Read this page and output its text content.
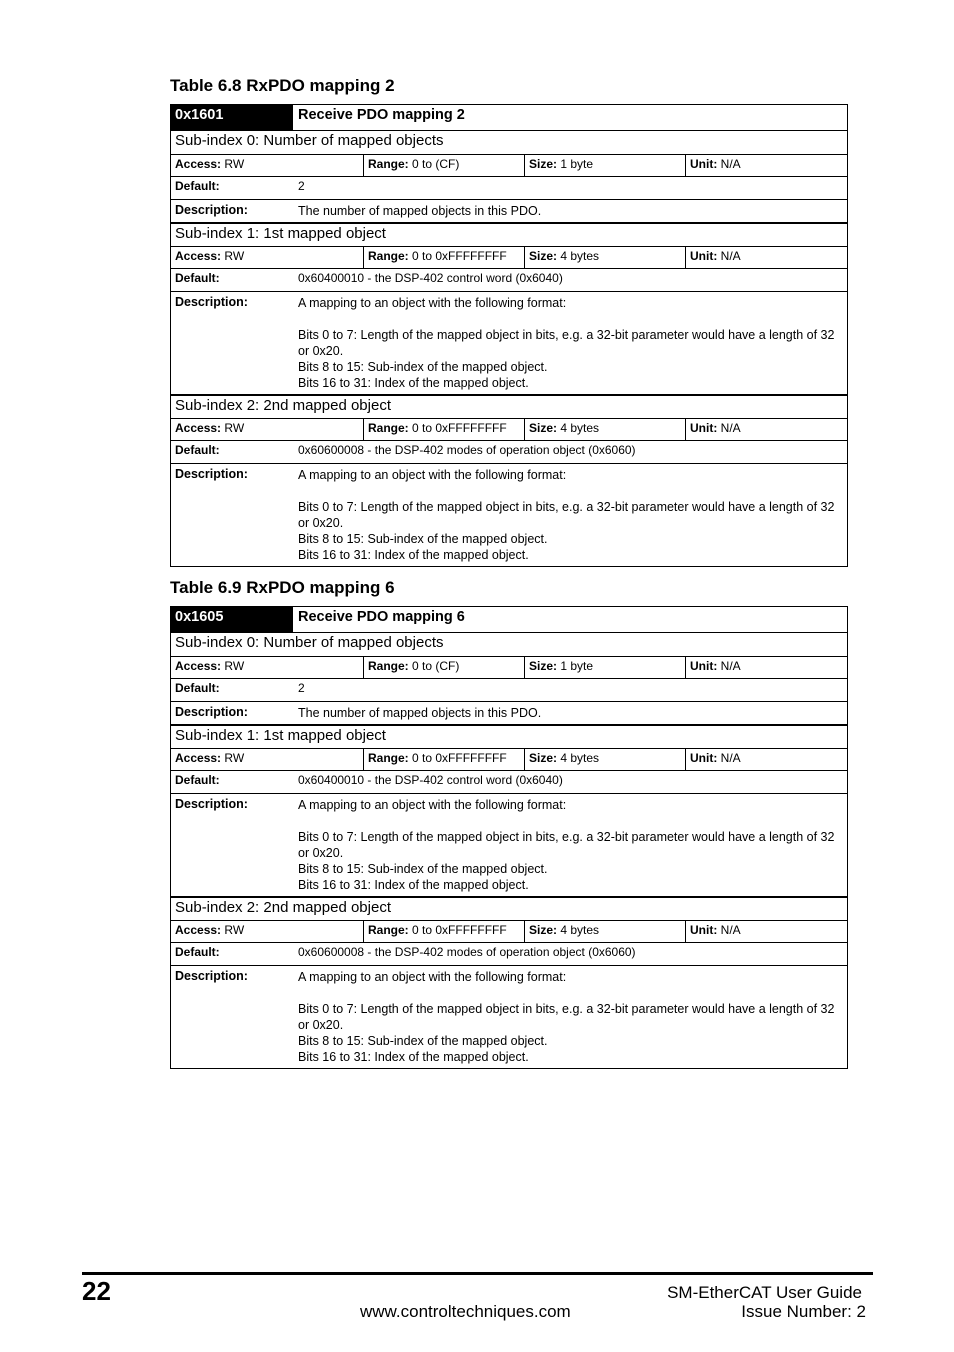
Table 6.8 RxPDO mapping 2
0x1601	Receive PDO mapping 2
Sub-index 0: Number of mapped objects
Access: RW	Range: 0 to (CF)	Size: 1 byte	Unit: N/A
Default:	2
Description:	The number of mapped objects in this PDO.

Sub-index 1: 1st mapped object
Access: RW	Range: 0 to 0xFFFFFFFF	Size: 4 bytes	Unit: N/A
Default:	0x60400010 - the DSP-402 control word (0x6040)
Description:	A mapping to an object with the following format:

Bits 0 to 7: Length of the mapped object in bits, e.g. a 32-bit parameter would have a length of 32 or 0x20.

Bits 8 to 15: Sub-index of the mapped object.

Bits 16 to 31: Index of the mapped object.

Sub-index 2: 2nd mapped object
Access: RW	Range: 0 to 0xFFFFFFFF	Size: 4 bytes	Unit: N/A
Default:	0x60600008 - the DSP-402 modes of operation object (0x6060)
Description:	A mapping to an object with the following format:

Bits 0 to 7: Length of the mapped object in bits, e.g. a 32-bit parameter would have a length of 32 or 0x20.

Bits 8 to 15: Sub-index of the mapped object.

Bits 16 to 31: Index of the mapped object.

Table 6.9 RxPDO mapping 6
0x1605	Receive PDO mapping 6
Sub-index 0: Number of mapped objects
Access: RW	Range: 0 to (CF)	Size: 1 byte	Unit: N/A
Default:	2
Description:	The number of mapped objects in this PDO.

Sub-index 1: 1st mapped object
Access: RW	Range: 0 to 0xFFFFFFFF	Size: 4 bytes	Unit: N/A
Default:	0x60400010 - the DSP-402 control word (0x6040)
Description:	A mapping to an object with the following format:

Bits 0 to 7: Length of the mapped object in bits, e.g. a 32-bit parameter would have a length of 32 or 0x20.

Bits 8 to 15: Sub-index of the mapped object.

Bits 16 to 31: Index of the mapped object.

Sub-index 2: 2nd mapped object
Access: RW	Range: 0 to 0xFFFFFFFF	Size: 4 bytes	Unit: N/A
Default:	0x60600008 - the DSP-402 modes of operation object (0x6060)
Description:	A mapping to an object with the following format:

Bits 0 to 7: Length of the mapped object in bits, e.g. a 32-bit parameter would have a length of 32 or 0x20.

Bits 8 to 15: Sub-index of the mapped object.

Bits 16 to 31: Index of the mapped object.

22
www.controltechniques.com
SM-EtherCAT User Guide
Issue Number: 2
